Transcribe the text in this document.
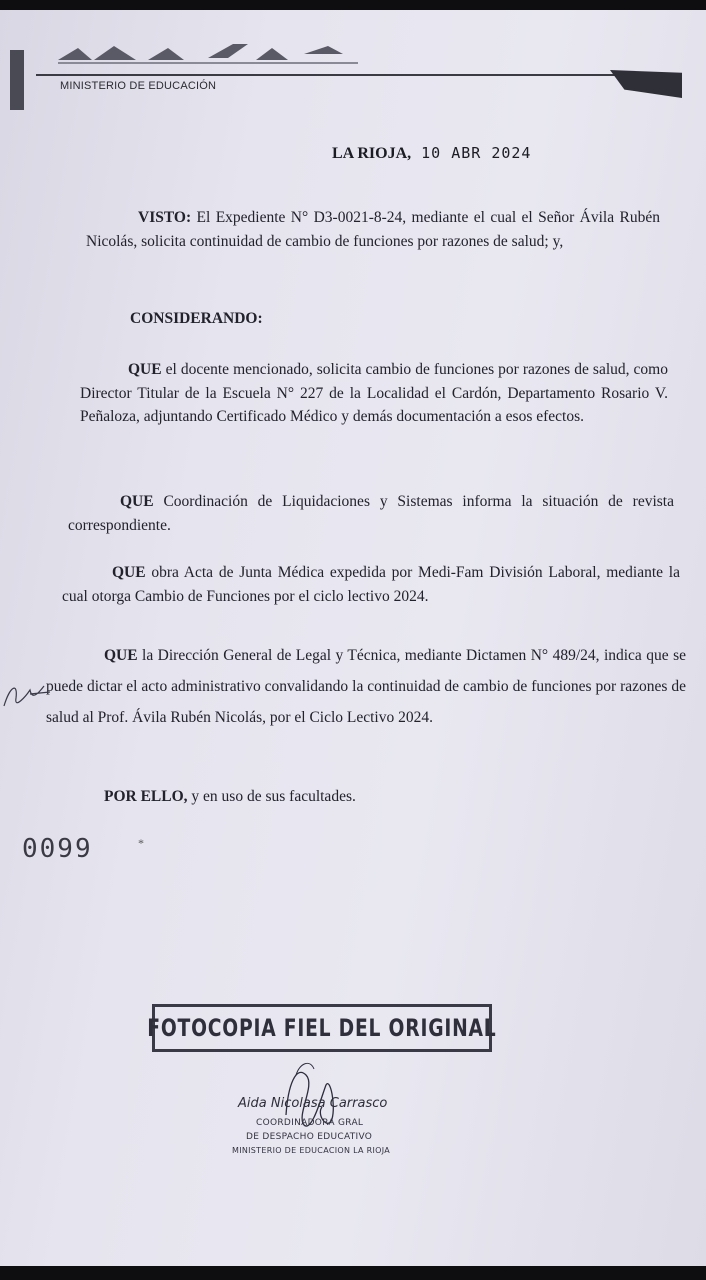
MINISTERIO DE EDUCACIÓN
LA RIOJA, 10 ABR 2024
VISTO: El Expediente N° D3-0021-8-24, mediante el cual el Señor Ávila Rubén Nicolás, solicita continuidad de cambio de funciones por razones de salud; y,
CONSIDERANDO:
QUE el docente mencionado, solicita cambio de funciones por razones de salud, como Director Titular de la Escuela N° 227 de la Localidad el Cardón, Departamento Rosario V. Peñaloza, adjuntando Certificado Médico y demás documentación a esos efectos.
QUE Coordinación de Liquidaciones y Sistemas informa la situación de revista correspondiente.
QUE obra Acta de Junta Médica expedida por Medi-Fam División Laboral, mediante la cual otorga Cambio de Funciones por el ciclo lectivo 2024.
QUE la Dirección General de Legal y Técnica, mediante Dictamen N° 489/24, indica que se puede dictar el acto administrativo convalidando la continuidad de cambio de funciones por razones de salud al Prof. Ávila Rubén Nicolás, por el Ciclo Lectivo 2024.
POR ELLO, y en uso de sus facultades.
0099	*
FOTOCOPIA FIEL DEL ORIGINAL
Aida Nicolasa Carrasco
COORDINADORA GRAL
DE DESPACHO EDUCATIVO
MINISTERIO DE EDUCACION LA RIOJA
